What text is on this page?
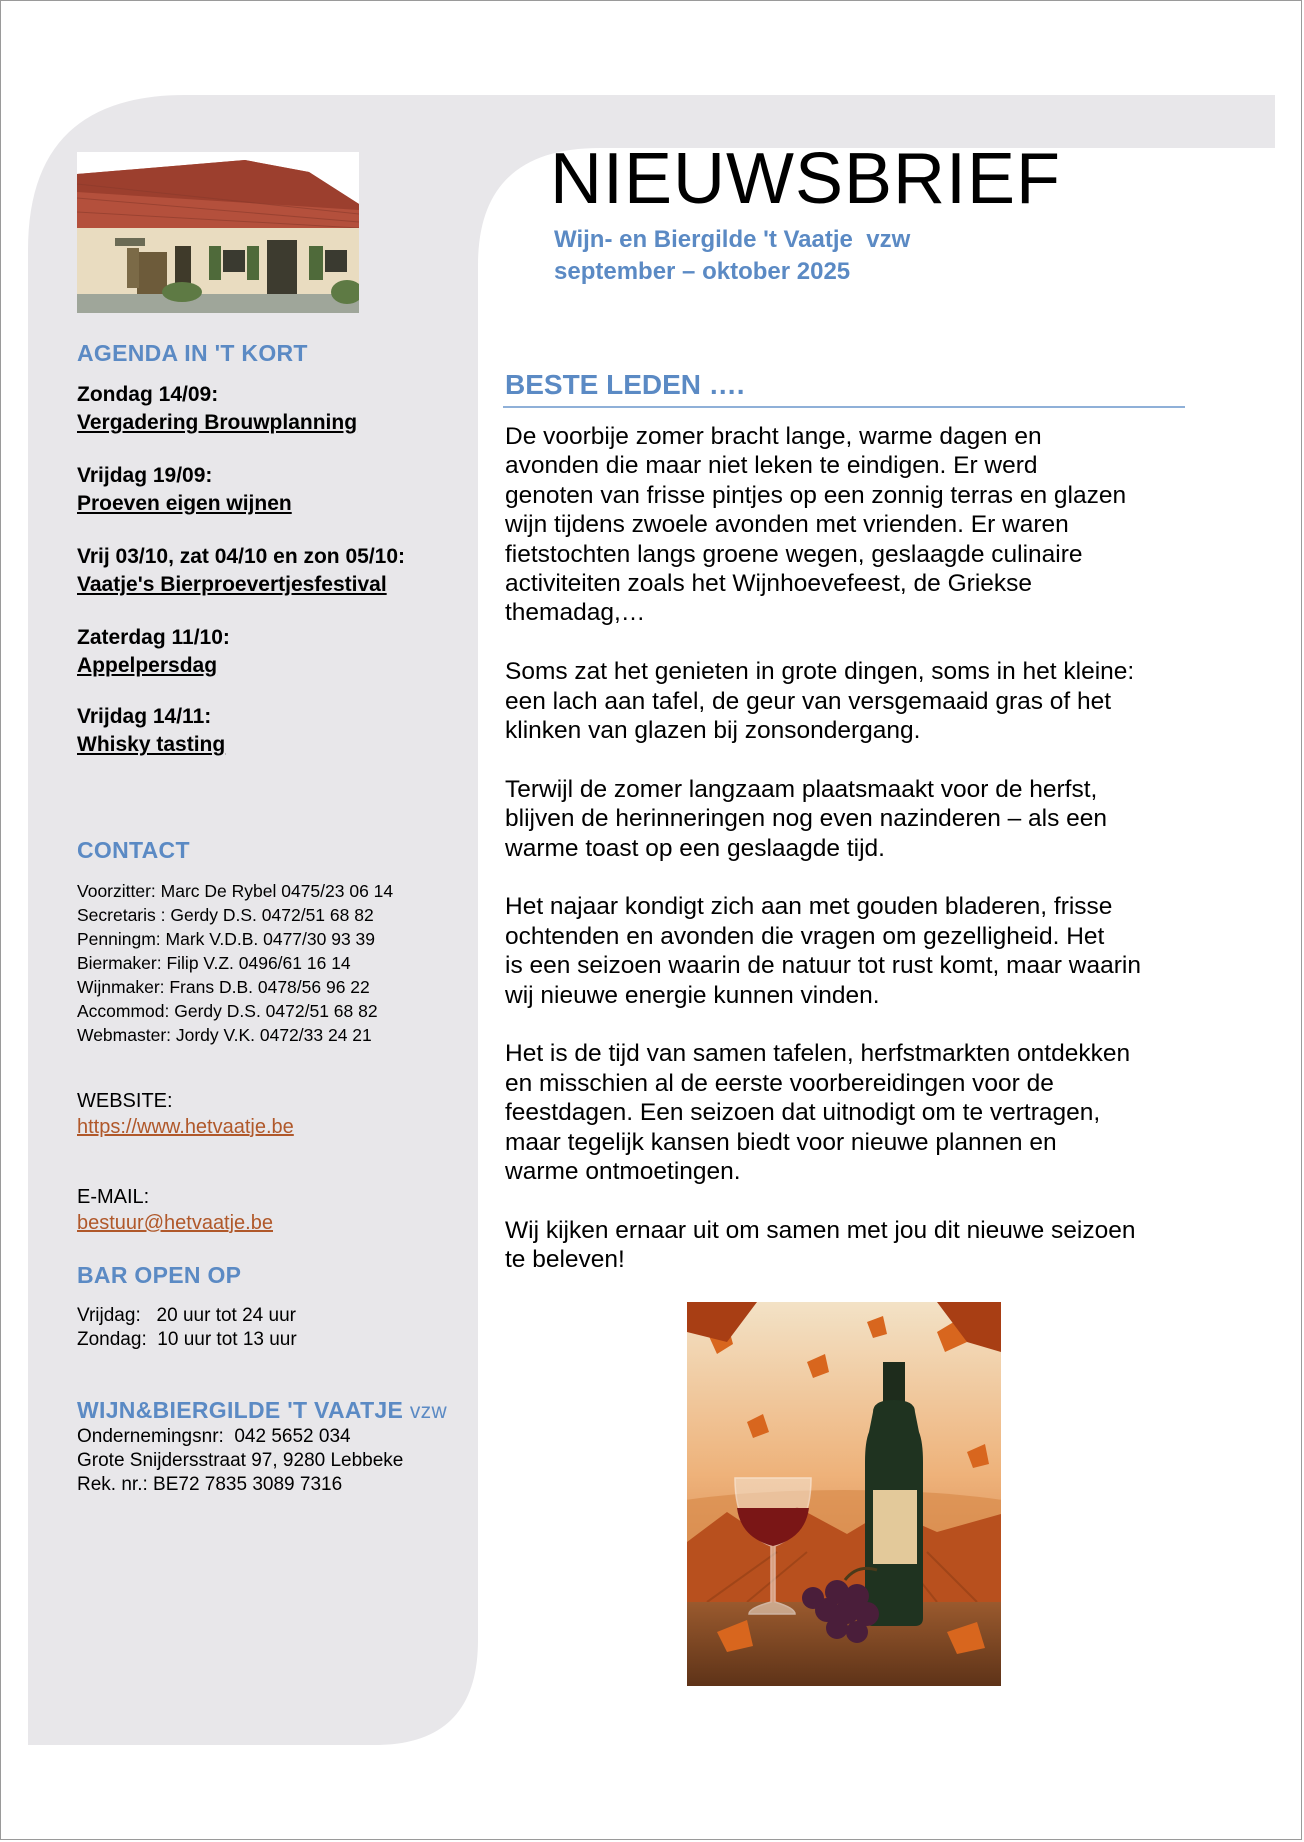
AGENDA IN 'T KORT
Zondag 14/09:
Vergadering Brouwplanning
Vrijdag 19/09:
Proeven eigen wijnen
Vrij 03/10, zat 04/10 en zon 05/10:
Vaatje's Bierproevertjesfestival
Zaterdag 11/10:
Appelpersdag
Vrijdag 14/11:
Whisky tasting
CONTACT
Voorzitter: Marc De Rybel 0475/23 06 14
Secretaris : Gerdy D.S. 0472/51 68 82
Penningm: Mark V.D.B. 0477/30 93 39
Biermaker: Filip V.Z. 0496/61 16 14
Wijnmaker: Frans D.B. 0478/56 96 22
Accommod: Gerdy D.S. 0472/51 68 82
Webmaster: Jordy V.K. 0472/33 24 21
WEBSITE:
https://www.hetvaatje.be
E-MAIL:
bestuur@hetvaatje.be
BAR OPEN OP
Vrijdag:   20 uur tot 24 uur
Zondag:  10 uur tot 13 uur
WIJN&BIERGILDE 'T VAATJE vzw
Ondernemingsnr:  042 5652 034
Grote Snijdersstraat 97, 9280 Lebbeke
Rek. nr.: BE72 7835 3089 7316
NIEUWSBRIEF
Wijn- en Biergilde 't Vaatje  vzw
september – oktober 2025
BESTE LEDEN ….
De voorbije zomer bracht lange, warme dagen en
avonden die maar niet leken te eindigen. Er werd
genoten van frisse pintjes op een zonnig terras en glazen
wijn tijdens zwoele avonden met vrienden. Er waren
fietstochten langs groene wegen, geslaagde culinaire
activiteiten zoals het Wijnhoevefeest, de Griekse
themadag,…
Soms zat het genieten in grote dingen, soms in het kleine:
een lach aan tafel, de geur van versgemaaid gras of het
klinken van glazen bij zonsondergang.
Terwijl de zomer langzaam plaatsmaakt voor de herfst,
blijven de herinneringen nog even nazinderen – als een
warme toast op een geslaagde tijd.
Het najaar kondigt zich aan met gouden bladeren, frisse
ochtenden en avonden die vragen om gezelligheid. Het
is een seizoen waarin de natuur tot rust komt, maar waarin
wij nieuwe energie kunnen vinden.
Het is de tijd van samen tafelen, herfstmarkten ontdekken
en misschien al de eerste voorbereidingen voor de
feestdagen. Een seizoen dat uitnodigt om te vertragen,
maar tegelijk kansen biedt voor nieuwe plannen en
warme ontmoetingen.
Wij kijken ernaar uit om samen met jou dit nieuwe seizoen
te beleven!
